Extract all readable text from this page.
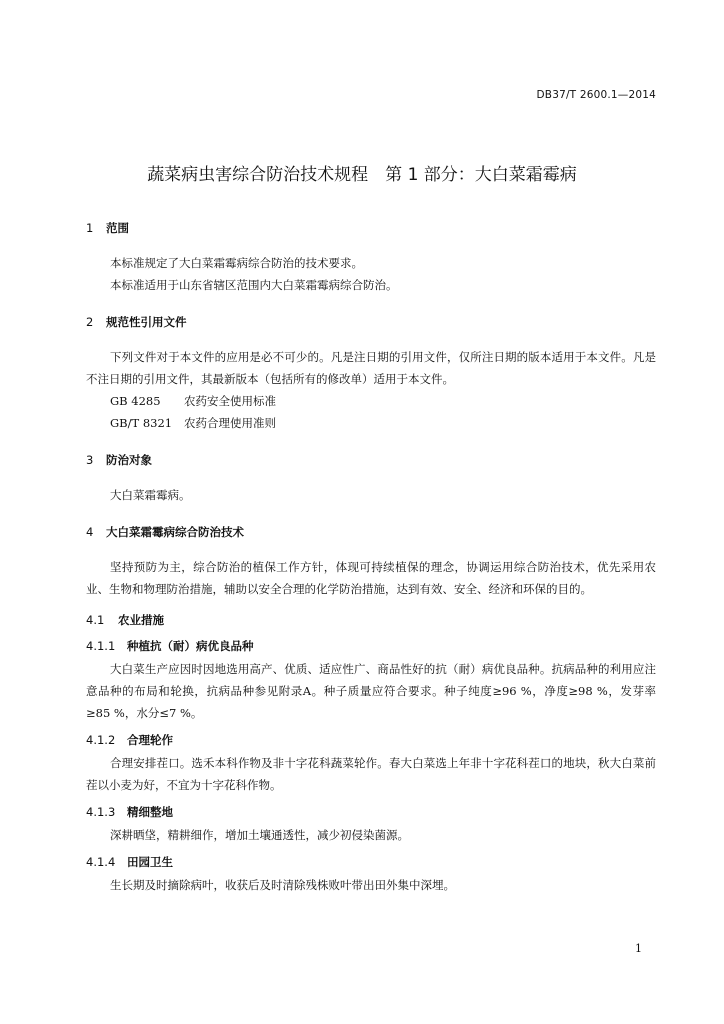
DB37/T 2600.1—2014
蔬菜病虫害综合防治技术规程　第 1 部分：大白菜霜霉病
1 范围

本标准规定了大白菜霜霉病综合防治的技术要求。

本标准适用于山东省辖区范围内大白菜霜霉病综合防治。

2 规范性引用文件

下列文件对于本文件的应用是必不可少的。凡是注日期的引用文件，仅所注日期的版本适用于本文件。凡是不注日期的引用文件，其最新版本（包括所有的修改单）适用于本文件。

GB 4285 农药安全使用标准
GB/T 8321 农药合理使用准则
3 防治对象

大白菜霜霉病。

4 大白菜霜霉病综合防治技术

坚持预防为主，综合防治的植保工作方针，体现可持续植保的理念，协调运用综合防治技术，优先采用农业、生物和物理防治措施，辅助以安全合理的化学防治措施，达到有效、安全、经济和环保的目的。

4.1 农业措施
4.1.1 种植抗（耐）病优良品种

大白菜生产应因时因地选用高产、优质、适应性广、商品性好的抗（耐）病优良品种。抗病品种的利用应注意品种的布局和轮换，抗病品种参见附录A。种子质量应符合要求。种子纯度≥96 %，净度≥98 %，发芽率≥85 %，水分≤7 %。

4.1.2 合理轮作

合理安排茬口。选禾本科作物及非十字花科蔬菜轮作。春大白菜选上年非十字花科茬口的地块，秋大白菜前茬以小麦为好，不宜为十字花科作物。

4.1.3 精细整地

深耕晒垡，精耕细作，增加土壤通透性，减少初侵染菌源。

4.1.4 田园卫生

生长期及时摘除病叶，收获后及时清除残株败叶带出田外集中深埋。

1
